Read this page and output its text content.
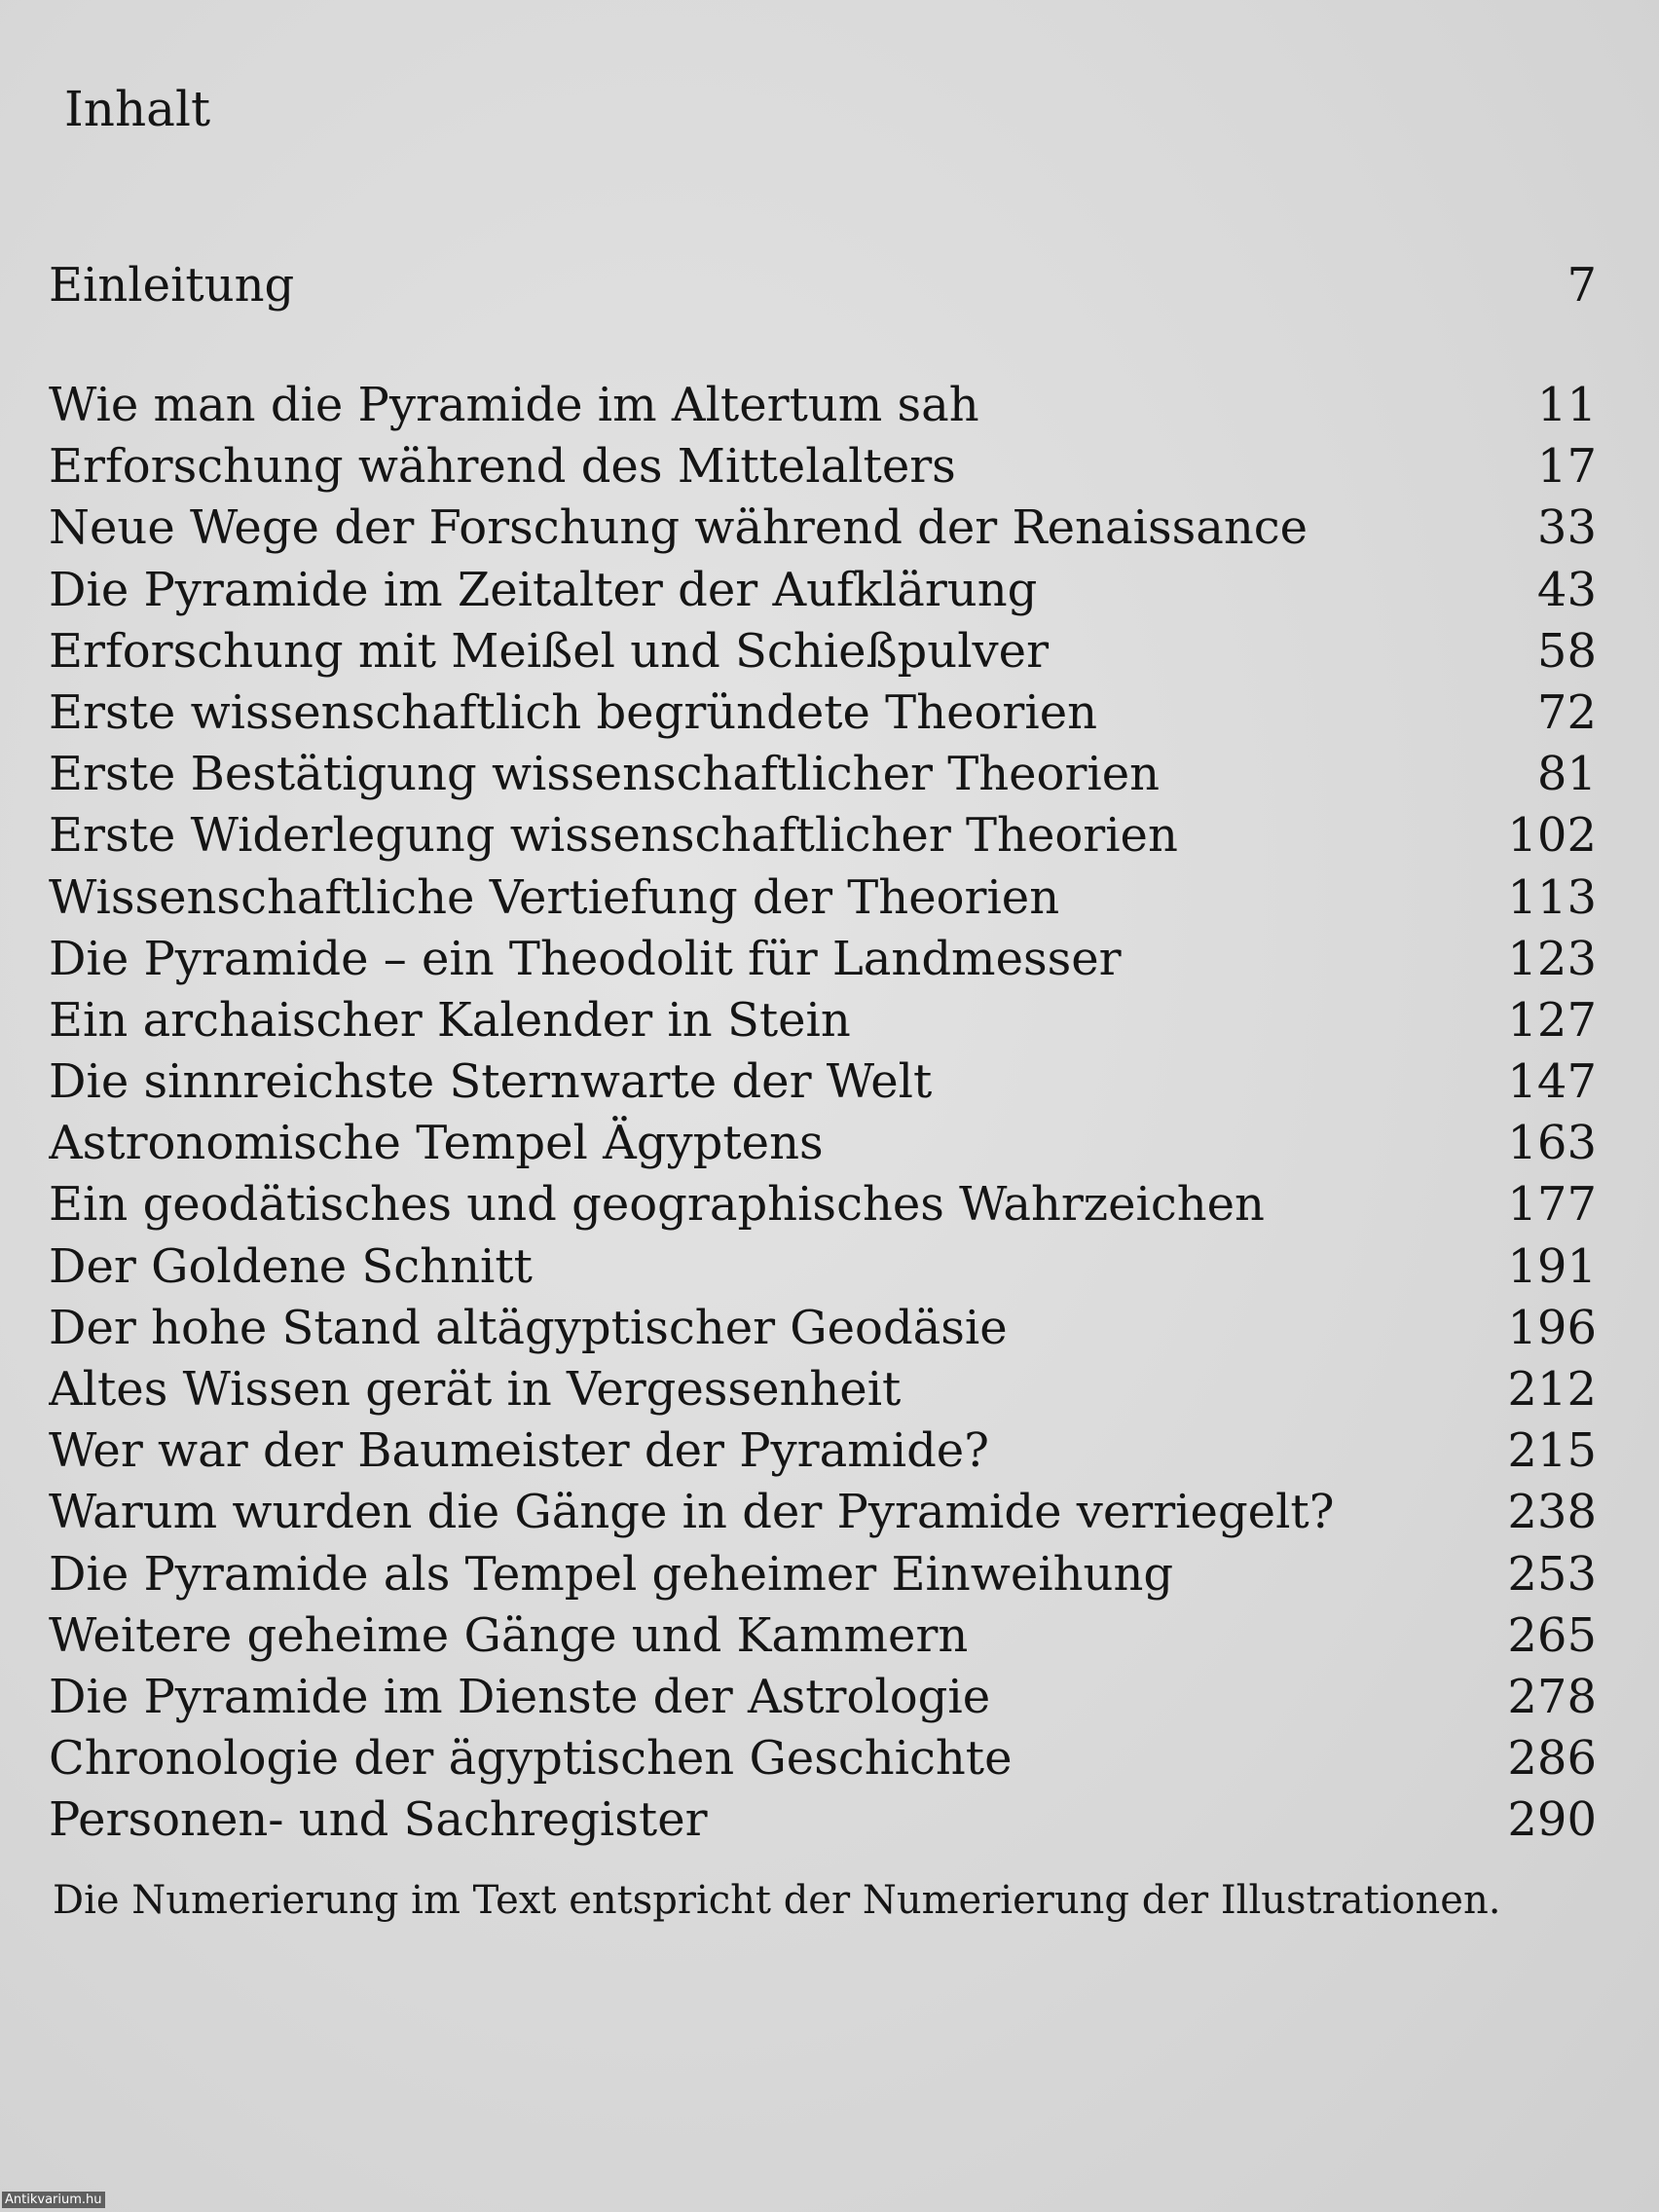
Inhalt
Einleitung	7
Wie man die Pyramide im Altertum sah	11
Erforschung während des Mittelalters	17
Neue Wege der Forschung während der Renaissance	33
Die Pyramide im Zeitalter der Aufklärung	43
Erforschung mit Meißel und Schießpulver	58
Erste wissenschaftlich begründete Theorien	72
Erste Bestätigung wissenschaftlicher Theorien	81
Erste Widerlegung wissenschaftlicher Theorien	102
Wissenschaftliche Vertiefung der Theorien	113
Die Pyramide – ein Theodolit für Landmesser	123
Ein archaischer Kalender in Stein	127
Die sinnreichste Sternwarte der Welt	147
Astronomische Tempel Ägyptens	163
Ein geodätisches und geographisches Wahrzeichen	177
Der Goldene Schnitt	191
Der hohe Stand altägyptischer Geodäsie	196
Altes Wissen gerät in Vergessenheit	212
Wer war der Baumeister der Pyramide?	215
Warum wurden die Gänge in der Pyramide verriegelt?	238
Die Pyramide als Tempel geheimer Einweihung	253
Weitere geheime Gänge und Kammern	265
Die Pyramide im Dienste der Astrologie	278
Chronologie der ägyptischen Geschichte	286
Personen- und Sachregister	290
Die Numerierung im Text entspricht der Numerierung der Illustrationen.
Antikvarium.hu
